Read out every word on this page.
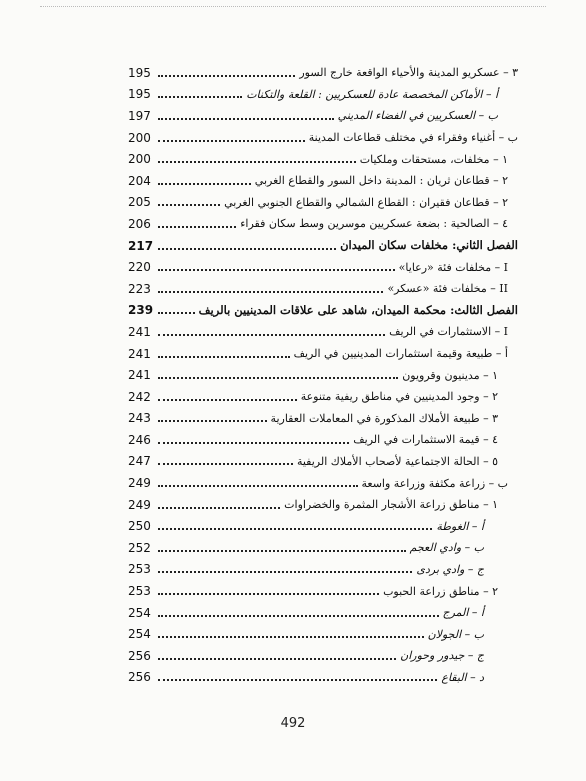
٣ – عسكريو المدينة والأحياء الواقعة خارج السور
195
أ – الأماكن المخصصة عادة للعسكريين : القلعة والتكنات
195
ب – العسكريين في الفضاء المديني
197
ب – أغنياء وفقراء في مختلف قطاعات المدينة
200
١ – مخلفات، مستحقات وملكيات
200
٢ – قطاعان ثريان : المدينة داخل السور والقطاع الغربي
204
٢ – قطاعان فقيران : القطاع الشمالي والقطاع الجنوبي الغربي
205
٤ – الصالحية : بضعة عسكريين موسرين وسط سكان فقراء
206
الفصل الثاني: مخلفات سكان الميدان
217
I – مخلفات فئة «رعايا»
220
II – مخلفات فئة «عسكر»
223
الفصل الثالث: محكمة الميدان، شاهد على علاقات المدينيين بالريف
239
I – الاستثمارات في الريف
241
أ – طبيعة وقيمة استثمارات المدينيين في الريف
241
١ – مدينيون وقرويون
241
٢ – وجود المدينيين في مناطق ريفية متنوعة
242
٣ – طبيعة الأملاك المذكورة في المعاملات العقارية
243
٤ – قيمة الاستثمارات في الريف
246
٥ – الحالة الاجتماعية لأصحاب الأملاك الريفية
247
ب – زراعة مكثفة وزراعة واسعة
249
١ – مناطق زراعة الأشجار المثمرة والخضراوات
249
أ – الغوطة
250
ب – وادي العجم
252
ج – وادي بردى
253
٢ – مناطق زراعة الحبوب
253
أ – المرج
254
ب – الجولان
254
ج – جيدور وحوران
256
د – البقاع
256
492
